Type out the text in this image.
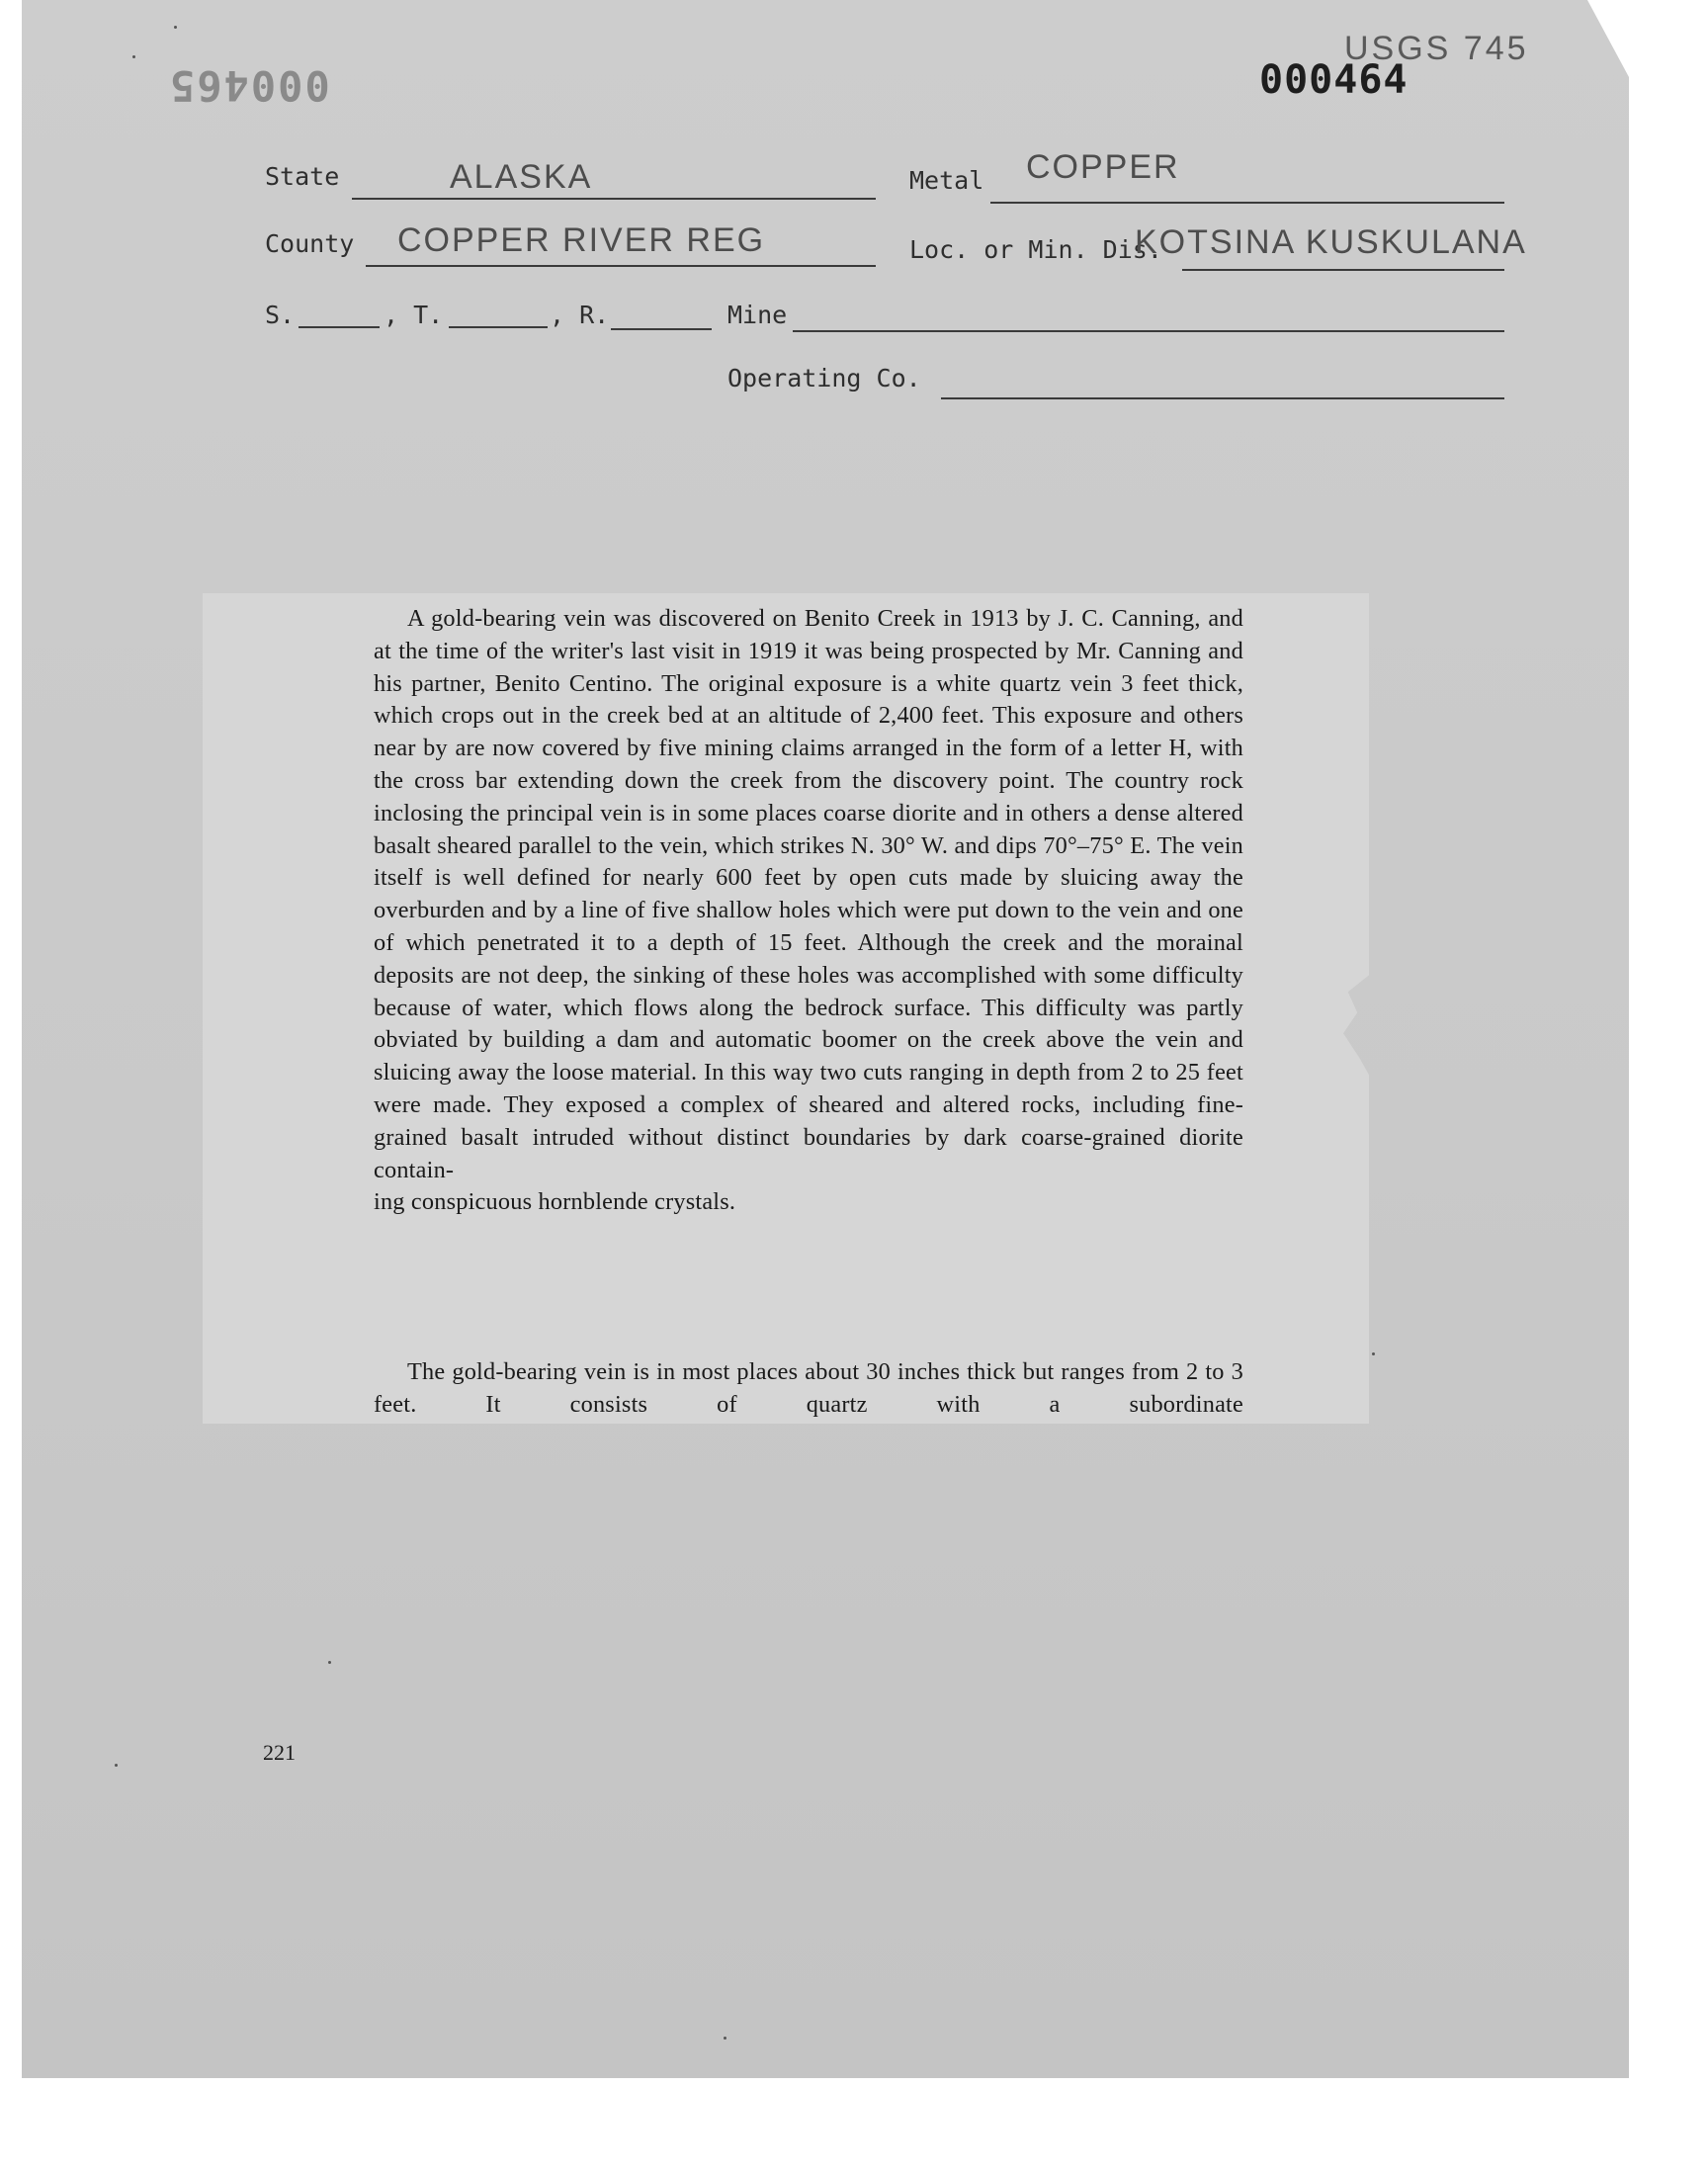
000465
USGS 745
000464
State	ALASKA	Metal COPPER
County COPPER RIVER REG	Loc. or Min. Dis.
KOTSINA KUSKULANA
S.	, T.	, R.	Mine
Operating Co.
A gold-bearing vein was discovered on Benito Creek in 1913 by J. C. Canning, and at the time of the writer's last visit in 1919 it was being prospected by Mr. Canning and his partner, Benito Centino. The original exposure is a white quartz vein 3 feet thick, which crops out in the creek bed at an altitude of 2,400 feet. This exposure and others near by are now covered by five mining claims arranged in the form of a letter H, with the cross bar extending down the creek from the discovery point. The country rock inclosing the principal vein is in some places coarse diorite and in others a dense altered basalt sheared parallel to the vein, which strikes N. 30° W. and dips 70°–75° E. The vein itself is well defined for nearly 600 feet by open cuts made by sluicing away the overburden and by a line of five shallow holes which were put down to the vein and one of which penetrated it to a depth of 15 feet. Although the creek and the morainal deposits are not deep, the sinking of these holes was accomplished with some difficulty because of water, which flows along the bedrock surface. This difficulty was partly obviated by building a dam and automatic boomer on the creek above the vein and sluicing away the loose material. In this way two cuts ranging in depth from 2 to 25 feet were made. They exposed a complex of sheared and altered rocks, including fine-grained basalt intruded without distinct boundaries by dark coarse-grained diorite contain-
ing conspicuous hornblende crystals.
The gold-bearing vein is in most places about 30 inches thick but ranges from 2 to 3 feet. It consists of quartz with a subordinate
221
